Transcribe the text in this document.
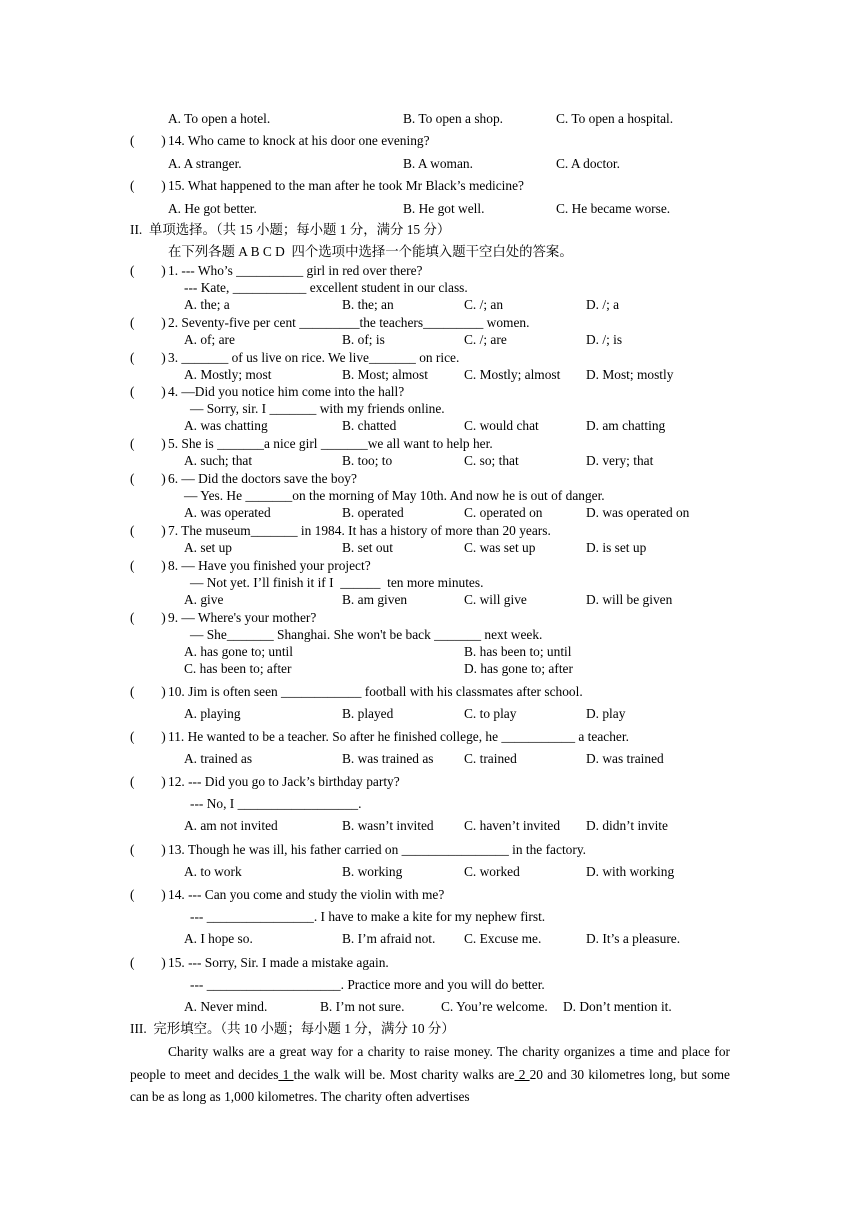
A. To open a hotel.	B. To open a shop.	C. To open a hospital.
(        ) 14. Who came to knock at his door one evening?
A. A stranger.	B. A woman.	C. A doctor.
(        ) 15. What happened to the man after he took Mr Black’s medicine?
A. He got better.	B. He got well.	C. He became worse.
II.  单项选择。（共 15 小题；每小题 1 分，满分 15 分）
在下列各题 A B C D  四个选项中选择一个能填入题干空白处的答案。
(        ) 1. --- Who’s __________ girl in red over there?
--- Kate, ___________ excellent student in our class.
A. the; a	B. the; an	C. /; an	D. /; a
(        ) 2. Seventy-five per cent _________the teachers_________ women.
A. of; are	B. of; is	C. /; are	D. /; is
(        ) 3. _______ of us live on rice. We live_______ on rice.
A. Mostly; most	B. Most; almost	C. Mostly; almost D. Most; mostly
(        ) 4. —Did you notice him come into the hall?
— Sorry, sir. I _______ with my friends online.
A. was chatting	B. chatted	C. would chat	D. am chatting
(        ) 5. She is _______a nice girl _______we all want to help her.
A. such; that	B. too; to	C. so; that	D. very; that
(        ) 6. — Did the doctors save the boy?
— Yes. He _______on the morning of May 10th. And now he is out of danger.
A. was operated	B. operated	C. operated on	D. was operated on
(        ) 7. The museum_______ in 1984. It has a history of more than 20 years.
A. set up	B. set out	C. was set up	D. is set up
(        ) 8. — Have you finished your project?
— Not yet. I’ll finish it if I  ______  ten more minutes.
A. give	B. am given	C. will give	D. will be given
(        ) 9. — Where's your mother?
— She_______ Shanghai. She won't be back _______ next week.
A. has gone to; until	B. has been to; until
C. has been to; after	D. has gone to; after
(        ) 10. Jim is often seen ____________ football with his classmates after school.
A. playing	B. played	C. to play	D. play
(        ) 11. He wanted to be a teacher. So after he finished college, he ___________ a teacher.
A. trained as	B. was trained as C. trained	D. was trained
(        ) 12. --- Did you go to Jack’s birthday party?
--- No, I __________________.
A. am not invited	B. wasn’t invited C. haven’t invited D. didn’t invite
(        ) 13. Though he was ill, his father carried on ________________ in the factory.
A. to work	B. working	C. worked	D. with working
(        ) 14. --- Can you come and study the violin with me?
--- ________________. I have to make a kite for my nephew first.
A. I hope so.	B. I’m afraid not. C. Excuse me.	D. It’s a pleasure.
(        ) 15. --- Sorry, Sir. I made a mistake again.
--- ____________________. Practice more and you will do better.
A. Never mind.	B. I’m not sure.	C. You’re welcome. D. Don’t mention it.
III.  完形填空。（共 10 小题；每小题 1 分，满分 10 分）
Charity walks are a great way for a charity to raise money. The charity organizes a time and place for people to meet and decides 1 the walk will be. Most charity walks are 2 20 and 30 kilometres long, but some can be as long as 1,000 kilometres. The charity often advertises
